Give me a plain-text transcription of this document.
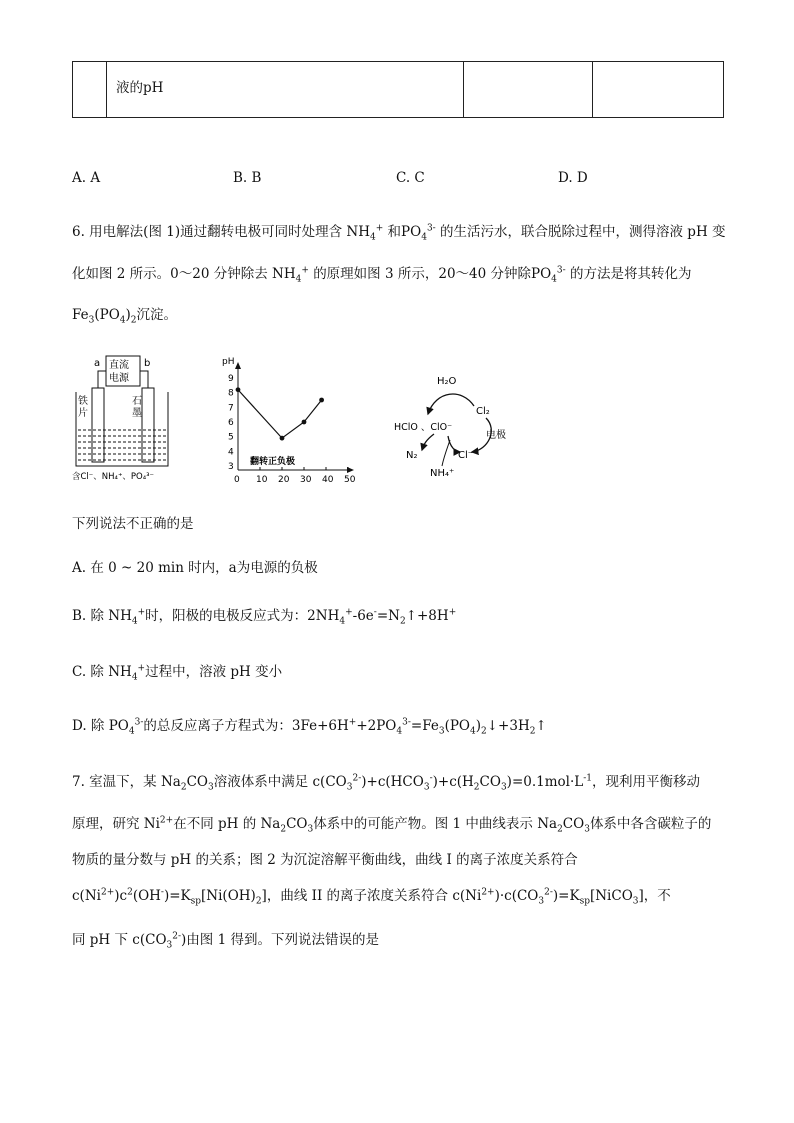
液的pH
A. A	B. B	C. C	D. D
6. 用电解法(图 1)通过翻转电极可同时处理含 $NH_4^+$ 和$PO_4^{3-}$ 的生活污水，联合脱除过程中，测得溶液 pH 变
化如图 2 所示。0～20 分钟除去 $NH_4^+$ 的原理如图 3 所示，20～40 分钟除$PO_4^{3-}$ 的方法是将其转化为
$Fe_3(PO_4)_2$沉淀。
a	b
直流
电源
铁
片
石
墨
含Cl⁻、NH₄⁺、PO₄³⁻
pH
3
4
5
6
7
8
9
0 10 20 30 40 50
翻转正负极
H₂O
Cl₂
HClO 、ClO⁻
电极
N₂	Cl⁻
NH₄⁺
下列说法不正确的是
A. 在 0 ~ 20 min 时内，a为电源的负极
B. 除 $NH_4^+$时，阳极的电极反应式为：$2NH_4^+-6e^-=N_2↑+8H^+$
C. 除 $NH_4^+$过程中，溶液 pH 变小
D. 除 $PO_4^{3-}$的总反应离子方程式为：$3Fe+6H^++2PO_4^{3-}=Fe_3(PO_4)_2↓+3H_2↑$
7. 室温下，某 $Na_2CO_3$溶液体系中满足 $c(CO_3^{2-})+c(HCO_3^-)+c(H_2CO_3)=0.1mol\cdot L^{-1}$，现利用平衡移动
原理，研究 $Ni^{2+}$在不同 pH 的 $Na_2CO_3$体系中的可能产物。图 1 中曲线表示 $Na_2CO_3$体系中各含碳粒子的
物质的量分数与 pH 的关系；图 2 为沉淀溶解平衡曲线，曲线 I 的离子浓度关系符合
$c(Ni^{2+})c^2(OH^-)=K_{sp}[Ni(OH)_2]$，曲线 II 的离子浓度关系符合 $c(Ni^{2+})\cdot c(CO_3^{2-})=K_{sp}[NiCO_3]$，不
同 pH 下 $c(CO_3^{2-})$由图 1 得到。下列说法错误的是
